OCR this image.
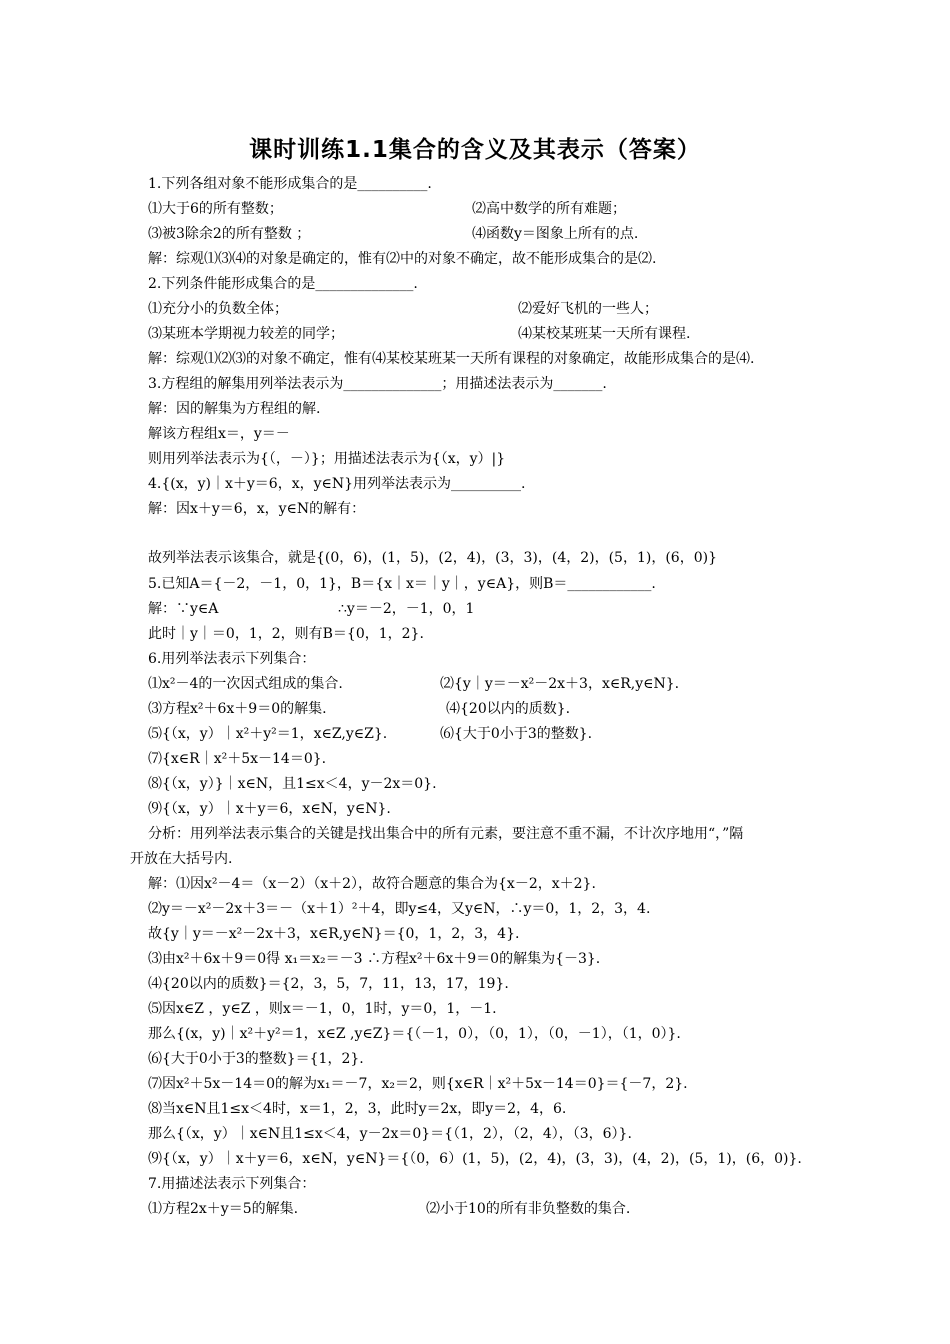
课时训练1.1集合的含义及其表示（答案）
1.下列各组对象不能形成集合的是__________.
⑴大于6的所有整数；	⑵高中数学的所有难题；
⑶被3除余2的所有整数 ；	⑷函数y＝图象上所有的点.
解：综观⑴⑶⑷的对象是确定的，惟有⑵中的对象不确定，故不能形成集合的是⑵.
2.下列条件能形成集合的是______________.
⑴充分小的负数全体；	⑵爱好飞机的一些人；
⑶某班本学期视力较差的同学；	⑷某校某班某一天所有课程.
解：综观⑴⑵⑶的对象不确定，惟有⑷某校某班某一天所有课程的对象确定，故能形成集合的是⑷.
3.方程组的解集用列举法表示为______________；用描述法表示为_______.
解：因的解集为方程组的解.
解该方程组x＝，y＝－
则用列举法表示为{（，－）}；用描述法表示为{（x，y）|}
4.{(x，y)｜x＋y＝6，x，y∈N}用列举法表示为__________.
解：因x＋y＝6，x，y∈N的解有：
故列举法表示该集合，就是{(0，6)，(1，5)，(2，4)，(3，3)，(4，2)，(5，1)，(6，0)}
5.已知A＝{－2，－1，0，1}，B＝{x｜x＝｜y｜，y∈A}，则B＝____________.
解：∵y∈A	∴y＝－2，－1，0，1
此时｜y｜＝0，1，2，则有B＝{0，1，2}.
6.用列举法表示下列集合：
⑴x²－4的一次因式组成的集合.	⑵{y｜y＝－x²－2x＋3，x∈R,y∈N}.
⑶方程x²＋6x＋9＝0的解集.	⑷{20以内的质数}.
⑸{（x，y）｜x²＋y²＝1，x∈Z,y∈Z}.	⑹{大于0小于3的整数}.
⑺{x∈R｜x²＋5x－14＝0}.
⑻{（x，y）}｜x∈N，且1≤x＜4，y－2x＝0}.
⑼{（x，y）｜x＋y＝6，x∈N，y∈N}.
分析：用列举法表示集合的关键是找出集合中的所有元素，要注意不重不漏，不计次序地用“，”隔
开放在大括号内.
解：⑴因x²－4＝（x－2）（x＋2），故符合题意的集合为{x－2，x＋2}.
⑵y＝－x²－2x＋3＝－（x＋1）²＋4，即y≤4，又y∈N，∴y＝0，1，2，3，4.
故{y｜y＝－x²－2x＋3，x∈R,y∈N}＝{0，1，2，3，4}.
⑶由x²＋6x＋9＝0得 x₁＝x₂＝－3 ∴方程x²＋6x＋9＝0的解集为{－3}.
⑷{20以内的质数}＝{2，3，5，7，11，13，17，19}.
⑸因x∈Z ，y∈Z ，则x＝－1，0，1时，y＝0，1，－1.
那么{(x，y)｜x²＋y²＝1，x∈Z ,y∈Z}＝{（－1，0），（0，1），（0，－1），（1，0）}.
⑹{大于0小于3的整数}＝{1，2}.
⑺因x²＋5x－14＝0的解为x₁＝－7，x₂＝2，则{x∈R｜x²＋5x－14＝0}＝{－7，2}.
⑻当x∈N且1≤x＜4时，x＝1，2，3，此时y＝2x，即y＝2，4，6.
那么{（x，y）｜x∈N且1≤x＜4，y－2x＝0}＝{（1，2），（2，4），（3，6）}.
⑼{（x，y）｜x＋y＝6，x∈N，y∈N}＝{（0，6）(1，5)，(2，4)，(3，3)，(4，2)，(5，1)，(6，0)}.
7.用描述法表示下列集合：
⑴方程2x＋y＝5的解集.	⑵小于10的所有非负整数的集合.
